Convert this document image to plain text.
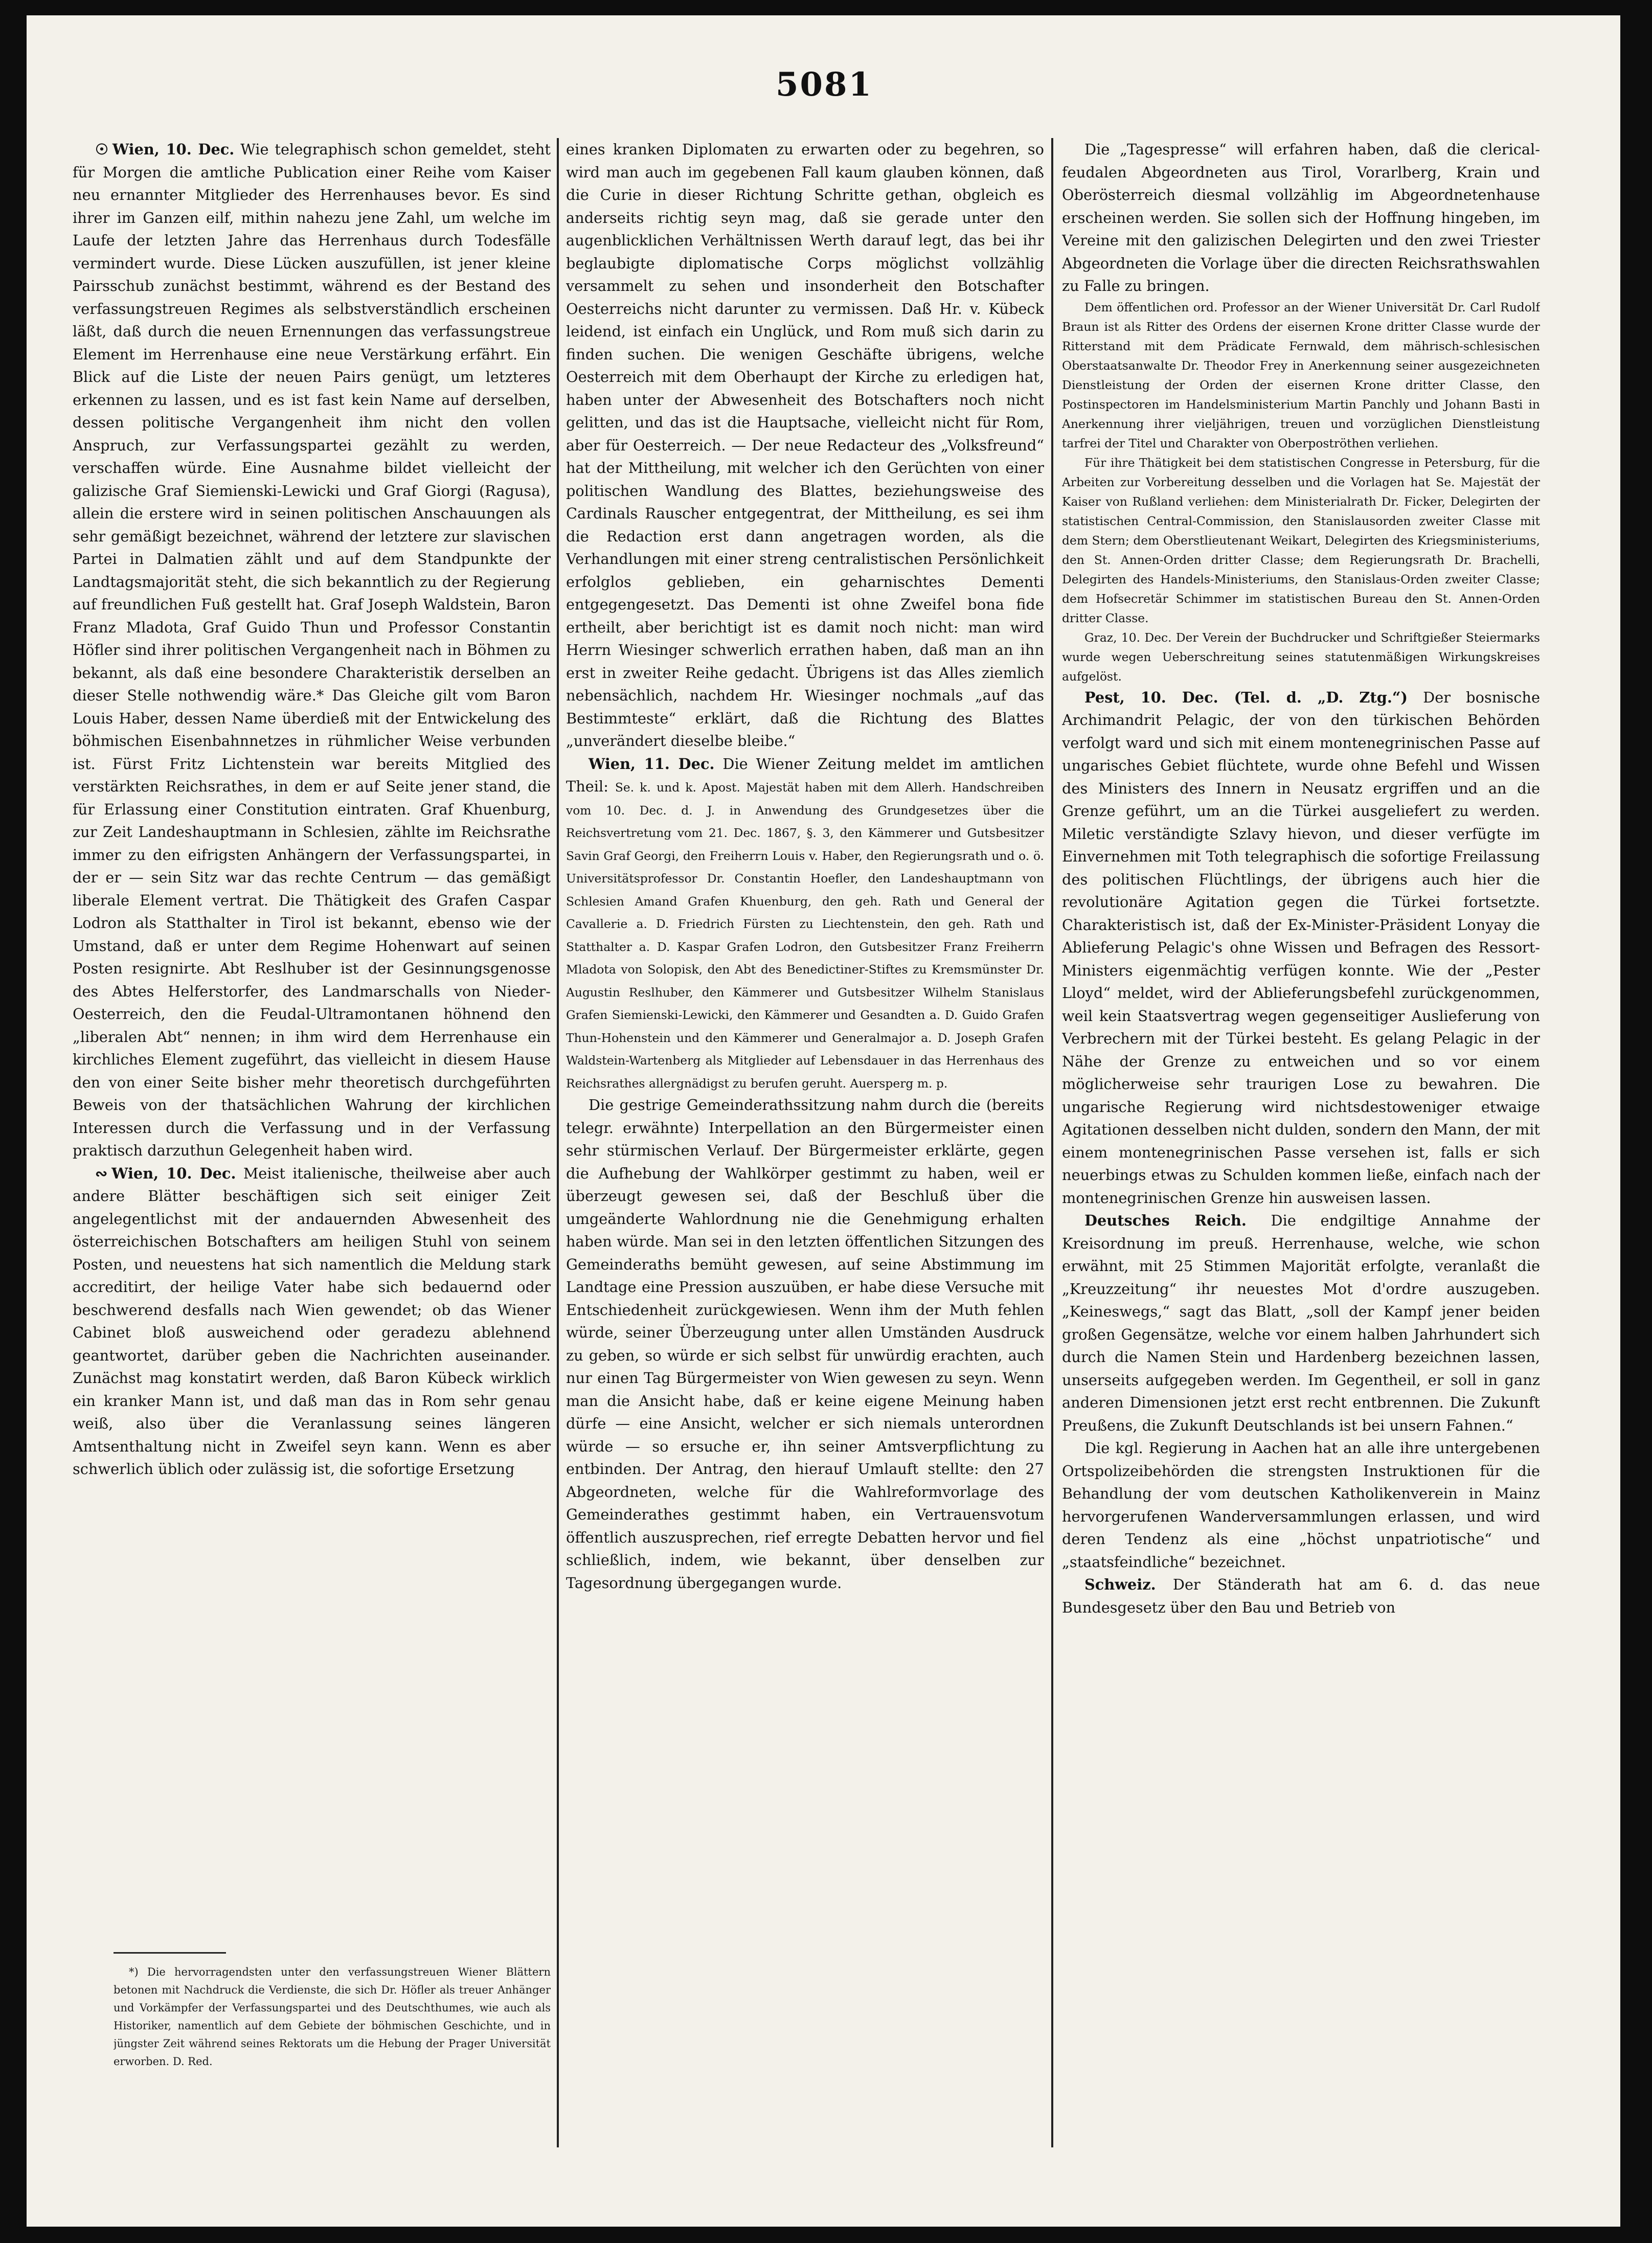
5081

☉ Wien, 10. Dec. Wie telegraphisch schon gemeldet, steht für Morgen die amtliche Publication einer Reihe vom Kaiser neu ernannter Mitglieder des Herrenhauses bevor. Es sind ihrer im Ganzen eilf, mithin nahezu jene Zahl, um welche im Laufe der letzten Jahre das Herrenhaus durch Todesfälle vermindert wurde. Diese Lücken auszufüllen, ist jener kleine Pairsschub zunächst bestimmt, während es der Bestand des verfassungstreuen Regimes als selbstverständlich erscheinen läßt, daß durch die neuen Ernennungen das verfassungstreue Element im Herrenhause eine neue Verstärkung erfährt. Ein Blick auf die Liste der neuen Pairs genügt, um letzteres erkennen zu lassen, und es ist fast kein Name auf derselben, dessen politische Vergangenheit ihm nicht den vollen Anspruch, zur Verfassungspartei gezählt zu werden, verschaffen würde. Eine Ausnahme bildet vielleicht der galizische Graf Siemienski-Lewicki und Graf Giorgi (Ragusa), allein die erstere wird in seinen politischen Anschauungen als sehr gemäßigt bezeichnet, während der letztere zur slavischen Partei in Dalmatien zählt und auf dem Standpunkte der Landtagsmajorität steht, die sich bekanntlich zu der Regierung auf freundlichen Fuß gestellt hat. Graf Joseph Waldstein, Baron Franz Mladota, Graf Guido Thun und Professor Constantin Höfler sind ihrer politischen Vergangenheit nach in Böhmen zu bekannt, als daß eine besondere Charakteristik derselben an dieser Stelle nothwendig wäre.* Das Gleiche gilt vom Baron Louis Haber, dessen Name überdieß mit der Entwickelung des böhmischen Eisenbahnnetzes in rühmlicher Weise verbunden ist. Fürst Fritz Lichtenstein war bereits Mitglied des verstärkten Reichsrathes, in dem er auf Seite jener stand, die für Erlassung einer Constitution eintraten. Graf Khuenburg, zur Zeit Landeshauptmann in Schlesien, zählte im Reichsrathe immer zu den eifrigsten Anhängern der Verfassungspartei, in der er — sein Sitz war das rechte Centrum — das gemäßigt liberale Element vertrat. Die Thätigkeit des Grafen Caspar Lodron als Statthalter in Tirol ist bekannt, ebenso wie der Umstand, daß er unter dem Regime Hohenwart auf seinen Posten resignirte. Abt Reslhuber ist der Gesinnungsgenosse des Abtes Helferstorfer, des Landmarschalls von Nieder-Oesterreich, den die Feudal-Ultramontanen höhnend den „liberalen Abt“ nennen; in ihm wird dem Herrenhause ein kirchliches Element zugeführt, das vielleicht in diesem Hause den von einer Seite bisher mehr theoretisch durchgeführten Beweis von der thatsächlichen Wahrung der kirchlichen Interessen durch die Verfassung und in der Verfassung praktisch darzuthun Gelegenheit haben wird.

∾ Wien, 10. Dec. Meist italienische, theilweise aber auch andere Blätter beschäftigen sich seit einiger Zeit angelegentlichst mit der andauernden Abwesenheit des österreichischen Botschafters am heiligen Stuhl von seinem Posten, und neuestens hat sich namentlich die Meldung stark accreditirt, der heilige Vater habe sich bedauernd oder beschwerend desfalls nach Wien gewendet; ob das Wiener Cabinet bloß ausweichend oder geradezu ablehnend geantwortet, darüber geben die Nachrichten auseinander. Zunächst mag konstatirt werden, daß Baron Kübeck wirklich ein kranker Mann ist, und daß man das in Rom sehr genau weiß, also über die Veranlassung seines längeren Amtsenthaltung nicht in Zweifel seyn kann. Wenn es aber schwerlich üblich oder zulässig ist, die sofortige Ersetzung

*) Die hervorragendsten unter den verfassungstreuen Wiener Blättern betonen mit Nachdruck die Verdienste, die sich Dr. Höfler als treuer Anhänger und Vorkämpfer der Verfassungspartei und des Deutschthumes, wie auch als Historiker, namentlich auf dem Gebiete der böhmischen Geschichte, und in jüngster Zeit während seines Rektorats um die Hebung der Prager Universität erworben. D. Red.

eines kranken Diplomaten zu erwarten oder zu begehren, so wird man auch im gegebenen Fall kaum glauben können, daß die Curie in dieser Richtung Schritte gethan, obgleich es anderseits richtig seyn mag, daß sie gerade unter den augenblicklichen Verhältnissen Werth darauf legt, das bei ihr beglaubigte diplomatische Corps möglichst vollzählig versammelt zu sehen und insonderheit den Botschafter Oesterreichs nicht darunter zu vermissen. Daß Hr. v. Kübeck leidend, ist einfach ein Unglück, und Rom muß sich darin zu finden suchen. Die wenigen Geschäfte übrigens, welche Oesterreich mit dem Oberhaupt der Kirche zu erledigen hat, haben unter der Abwesenheit des Botschafters noch nicht gelitten, und das ist die Hauptsache, vielleicht nicht für Rom, aber für Oesterreich. — Der neue Redacteur des „Volksfreund“ hat der Mittheilung, mit welcher ich den Gerüchten von einer politischen Wandlung des Blattes, beziehungsweise des Cardinals Rauscher entgegentrat, der Mittheilung, es sei ihm die Redaction erst dann angetragen worden, als die Verhandlungen mit einer streng centralistischen Persönlichkeit erfolglos geblieben, ein geharnischtes Dementi entgegengesetzt. Das Dementi ist ohne Zweifel bona fide ertheilt, aber berichtigt ist es damit noch nicht: man wird Herrn Wiesinger schwerlich errathen haben, daß man an ihn erst in zweiter Reihe gedacht. Übrigens ist das Alles ziemlich nebensächlich, nachdem Hr. Wiesinger nochmals „auf das Bestimmteste“ erklärt, daß die Richtung des Blattes „unverändert dieselbe bleibe.“

Wien, 11. Dec. Die Wiener Zeitung meldet im amtlichen Theil: Se. k. und k. Apost. Majestät haben mit dem Allerh. Handschreiben vom 10. Dec. d. J. in Anwendung des Grundgesetzes über die Reichsvertretung vom 21. Dec. 1867, §. 3, den Kämmerer und Gutsbesitzer Savin Graf Georgi, den Freiherrn Louis v. Haber, den Regierungsrath und o. ö. Universitätsprofessor Dr. Constantin Hoefler, den Landeshauptmann von Schlesien Amand Grafen Khuenburg, den geh. Rath und General der Cavallerie a. D. Friedrich Fürsten zu Liechtenstein, den geh. Rath und Statthalter a. D. Kaspar Grafen Lodron, den Gutsbesitzer Franz Freiherrn Mladota von Solopisk, den Abt des Benedictiner-Stiftes zu Kremsmünster Dr. Augustin Reslhuber, den Kämmerer und Gutsbesitzer Wilhelm Stanislaus Grafen Siemienski-Lewicki, den Kämmerer und Gesandten a. D. Guido Grafen Thun-Hohenstein und den Kämmerer und Generalmajor a. D. Joseph Grafen Waldstein-Wartenberg als Mitglieder auf Lebensdauer in das Herrenhaus des Reichsrathes allergnädigst zu berufen geruht. Auersperg m. p.

Die gestrige Gemeinderathssitzung nahm durch die (bereits telegr. erwähnte) Interpellation an den Bürgermeister einen sehr stürmischen Verlauf. Der Bürgermeister erklärte, gegen die Aufhebung der Wahlkörper gestimmt zu haben, weil er überzeugt gewesen sei, daß der Beschluß über die umgeänderte Wahlordnung nie die Genehmigung erhalten haben würde. Man sei in den letzten öffentlichen Sitzungen des Gemeinderaths bemüht gewesen, auf seine Abstimmung im Landtage eine Pression auszuüben, er habe diese Versuche mit Entschiedenheit zurückgewiesen. Wenn ihm der Muth fehlen würde, seiner Überzeugung unter allen Umständen Ausdruck zu geben, so würde er sich selbst für unwürdig erachten, auch nur einen Tag Bürgermeister von Wien gewesen zu seyn. Wenn man die Ansicht habe, daß er keine eigene Meinung haben dürfe — eine Ansicht, welcher er sich niemals unterordnen würde — so ersuche er, ihn seiner Amtsverpflichtung zu entbinden. Der Antrag, den hierauf Umlauft stellte: den 27 Abgeordneten, welche für die Wahlreformvorlage des Gemeinderathes gestimmt haben, ein Vertrauensvotum öffentlich auszusprechen, rief erregte Debatten hervor und fiel schließlich, indem, wie bekannt, über denselben zur Tagesordnung übergegangen wurde.

Die „Tagespresse“ will erfahren haben, daß die clerical-feudalen Abgeordneten aus Tirol, Vorarlberg, Krain und Oberösterreich diesmal vollzählig im Abgeordnetenhause erscheinen werden. Sie sollen sich der Hoffnung hingeben, im Vereine mit den galizischen Delegirten und den zwei Triester Abgeordneten die Vorlage über die directen Reichsrathswahlen zu Falle zu bringen.

Dem öffentlichen ord. Professor an der Wiener Universität Dr. Carl Rudolf Braun ist als Ritter des Ordens der eisernen Krone dritter Classe wurde der Ritterstand mit dem Prädicate Fernwald, dem mährisch-schlesischen Oberstaatsanwalte Dr. Theodor Frey in Anerkennung seiner ausgezeichneten Dienstleistung der Orden der eisernen Krone dritter Classe, den Postinspectoren im Handelsministerium Martin Panchly und Johann Basti in Anerkennung ihrer vieljährigen, treuen und vorzüglichen Dienstleistung tarfrei der Titel und Charakter von Oberpoströthen verliehen.

Für ihre Thätigkeit bei dem statistischen Congresse in Petersburg, für die Arbeiten zur Vorbereitung desselben und die Vorlagen hat Se. Majestät der Kaiser von Rußland verliehen: dem Ministerialrath Dr. Ficker, Delegirten der statistischen Central-Commission, den Stanislausorden zweiter Classe mit dem Stern; dem Oberstlieutenant Weikart, Delegirten des Kriegsministeriums, den St. Annen-Orden dritter Classe; dem Regierungsrath Dr. Brachelli, Delegirten des Handels-Ministeriums, den Stanislaus-Orden zweiter Classe; dem Hofsecretär Schimmer im statistischen Bureau den St. Annen-Orden dritter Classe.

Graz, 10. Dec. Der Verein der Buchdrucker und Schriftgießer Steiermarks wurde wegen Ueberschreitung seines statutenmäßigen Wirkungskreises aufgelöst.

Pest, 10. Dec. (Tel. d. „D. Ztg.“) Der bosnische Archimandrit Pelagic, der von den türkischen Behörden verfolgt ward und sich mit einem montenegrinischen Passe auf ungarisches Gebiet flüchtete, wurde ohne Befehl und Wissen des Ministers des Innern in Neusatz ergriffen und an die Grenze geführt, um an die Türkei ausgeliefert zu werden. Miletic verständigte Szlavy hievon, und dieser verfügte im Einvernehmen mit Toth telegraphisch die sofortige Freilassung des politischen Flüchtlings, der übrigens auch hier die revolutionäre Agitation gegen die Türkei fortsetzte. Charakteristisch ist, daß der Ex-Minister-Präsident Lonyay die Ablieferung Pelagic's ohne Wissen und Befragen des Ressort-Ministers eigenmächtig verfügen konnte. Wie der „Pester Lloyd“ meldet, wird der Ablieferungsbefehl zurückgenommen, weil kein Staatsvertrag wegen gegenseitiger Auslieferung von Verbrechern mit der Türkei besteht. Es gelang Pelagic in der Nähe der Grenze zu entweichen und so vor einem möglicherweise sehr traurigen Lose zu bewahren. Die ungarische Regierung wird nichtsdestoweniger etwaige Agitationen desselben nicht dulden, sondern den Mann, der mit einem montenegrinischen Passe versehen ist, falls er sich neuerbings etwas zu Schulden kommen ließe, einfach nach der montenegrinischen Grenze hin ausweisen lassen.

Deutsches Reich. Die endgiltige Annahme der Kreisordnung im preuß. Herrenhause, welche, wie schon erwähnt, mit 25 Stimmen Majorität erfolgte, veranlaßt die „Kreuzzeitung“ ihr neuestes Mot d'ordre auszugeben. „Keineswegs,“ sagt das Blatt, „soll der Kampf jener beiden großen Gegensätze, welche vor einem halben Jahrhundert sich durch die Namen Stein und Hardenberg bezeichnen lassen, unserseits aufgegeben werden. Im Gegentheil, er soll in ganz anderen Dimensionen jetzt erst recht entbrennen. Die Zukunft Preußens, die Zukunft Deutschlands ist bei unsern Fahnen.“

Die kgl. Regierung in Aachen hat an alle ihre untergebenen Ortspolizeibehörden die strengsten Instruktionen für die Behandlung der vom deutschen Katholikenverein in Mainz hervorgerufenen Wanderversammlungen erlassen, und wird deren Tendenz als eine „höchst unpatriotische“ und „staatsfeindliche“ bezeichnet.

Schweiz. Der Ständerath hat am 6. d. das neue Bundesgesetz über den Bau und Betrieb von
